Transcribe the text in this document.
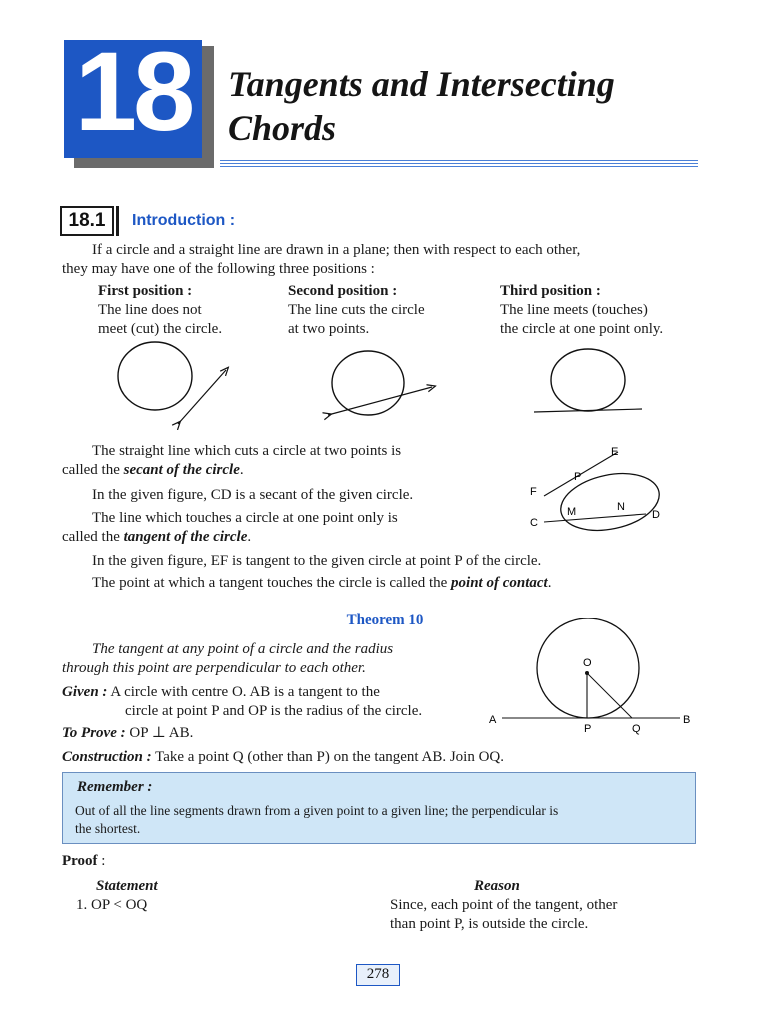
18 Tangents and Intersecting
Chords
18.1	Introduction :
If a circle and a straight line are drawn in a plane; then with respect to each other,
they may have one of the following three positions :
First position :
The line does not
meet (cut) the circle.
Second position :
The line cuts the circle
at two points.
Third position :
The line meets (touches)
the circle at one point only.
The straight line which cuts a circle at two points is
called the secant of the circle.
In the given figure, CD is a secant of the given circle.
The line which touches a circle at one point only is
called the tangent of the circle.
In the given figure, EF is tangent to the given circle at point P of the circle.
The point at which a tangent touches the circle is called the point of contact.
E
P
F
M	N
C
D
Theorem 10
The tangent at any point of a circle and the radius
through this point are perpendicular to each other.
Given : A circle with centre O. AB is a tangent to the
circle at point P and OP is the radius of the circle.
To Prove : OP ⊥ AB.
Construction : Take a point Q (other than P) on the tangent AB. Join OQ.
O
A	B
P	Q
Remember :
Out of all the line segments drawn from a given point to a given line; the perpendicular is
the shortest.
Proof :
Statement	Reason
1. OP < OQ	Since, each point of the tangent, other
than point P, is outside the circle.
278
